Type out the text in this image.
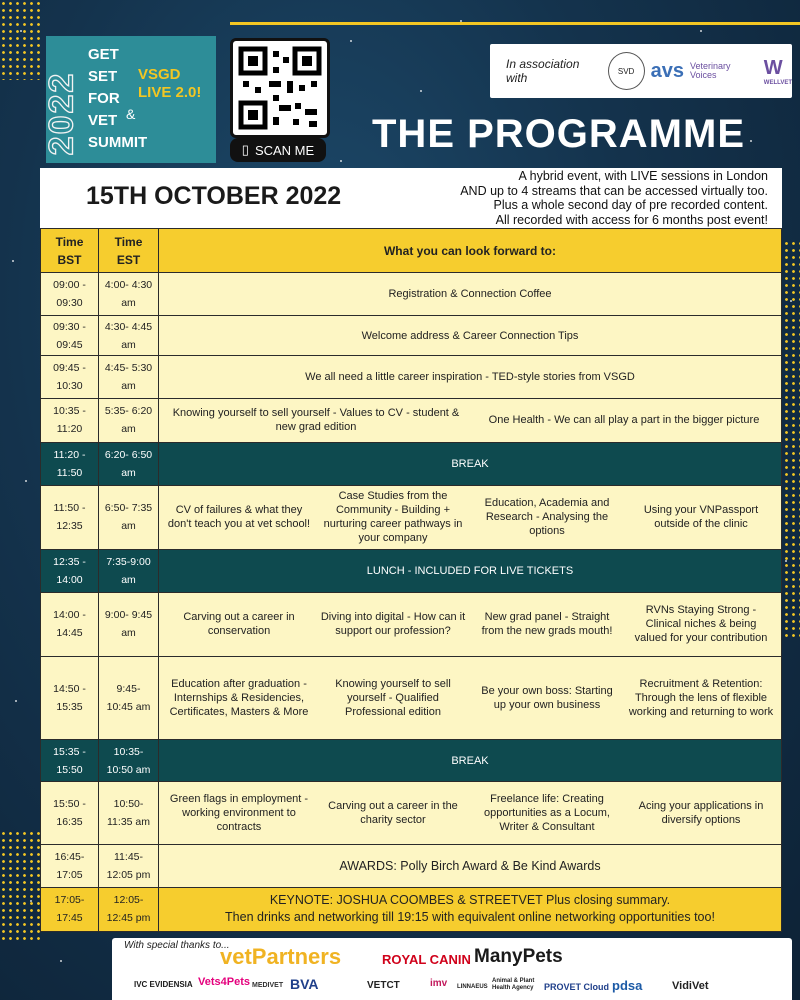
2022
GET
SET
FOR
VET
SUMMIT
&
VSGD
LIVE 2.0!
▯ SCAN ME
In association with	SVD avs Veterinary Voices	W
WELLVET
THE PROGRAMME
15TH OCTOBER 2022
A hybrid event, with LIVE sessions in London
AND up to 4 streams that can be accessed virtually too.
Plus a whole second day of pre recorded content.
All recorded with access for 6 months post event!
Time BST	Time EST	What you can look forward to:
09:00 - 09:30	4:00- 4:30 am	Registration & Connection Coffee
09:30 - 09:45	4:30- 4:45 am	Welcome address & Career Connection Tips
09:45 - 10:30	4:45- 5:30 am	We all need a little career inspiration - TED-style stories from VSGD
10:35 - 11:20	5:35- 6:20 am	Knowing yourself to sell yourself - Values to CV - student & new grad edition
One Health - We can all play a part in the bigger picture

11:20 - 11:50	6:20- 6:50 am	BREAK
11:50 - 12:35	6:50- 7:35 am	CV of failures & what they don't teach you at vet school!
Case Studies from the Community - Building + nurturing career pathways in your company
Education, Academia and Research - Analysing the options
Using your VNPassport outside of the clinic

12:35 - 14:00	7:35-9:00 am	LUNCH - INCLUDED FOR LIVE TICKETS
14:00 - 14:45	9:00- 9:45 am	Carving out a career in conservation
Diving into digital - How can it support our profession?
New grad panel - Straight from the new grads mouth!
RVNs Staying Strong - Clinical niches & being valued for your contribution

14:50 - 15:35	9:45- 10:45 am	Education after graduation - Internships & Residencies, Certificates, Masters & More
Knowing yourself to sell yourself - Qualified Professional edition
Be your own boss: Starting up your own business
Recruitment & Retention: Through the lens of flexible working and returning to work

15:35 - 15:50	10:35- 10:50 am	BREAK
15:50 - 16:35	10:50- 11:35 am	Green flags in employment - working environment to contracts
Carving out a career in the charity sector
Freelance life: Creating opportunities as a Locum, Writer & Consultant
Acing your applications in diversify options

16:45- 17:05	11:45-12:05 pm	AWARDS: Polly Birch Award & Be Kind Awards
17:05- 17:45	12:05- 12:45 pm	KEYNOTE: JOSHUA COOMBES & STREETVET Plus closing summary.
Then drinks and networking till 19:15 with equivalent online networking opportunities too!
With special thanks to...
vetPartners	ROYAL CANIN ManyPets
IVC EVIDENSIA Vets4Pets MEDIVET BVA	VETCT	imv LINNAEUS
Animal & Plant Health Agency	PROVET Cloud pdsa	VidiVet
